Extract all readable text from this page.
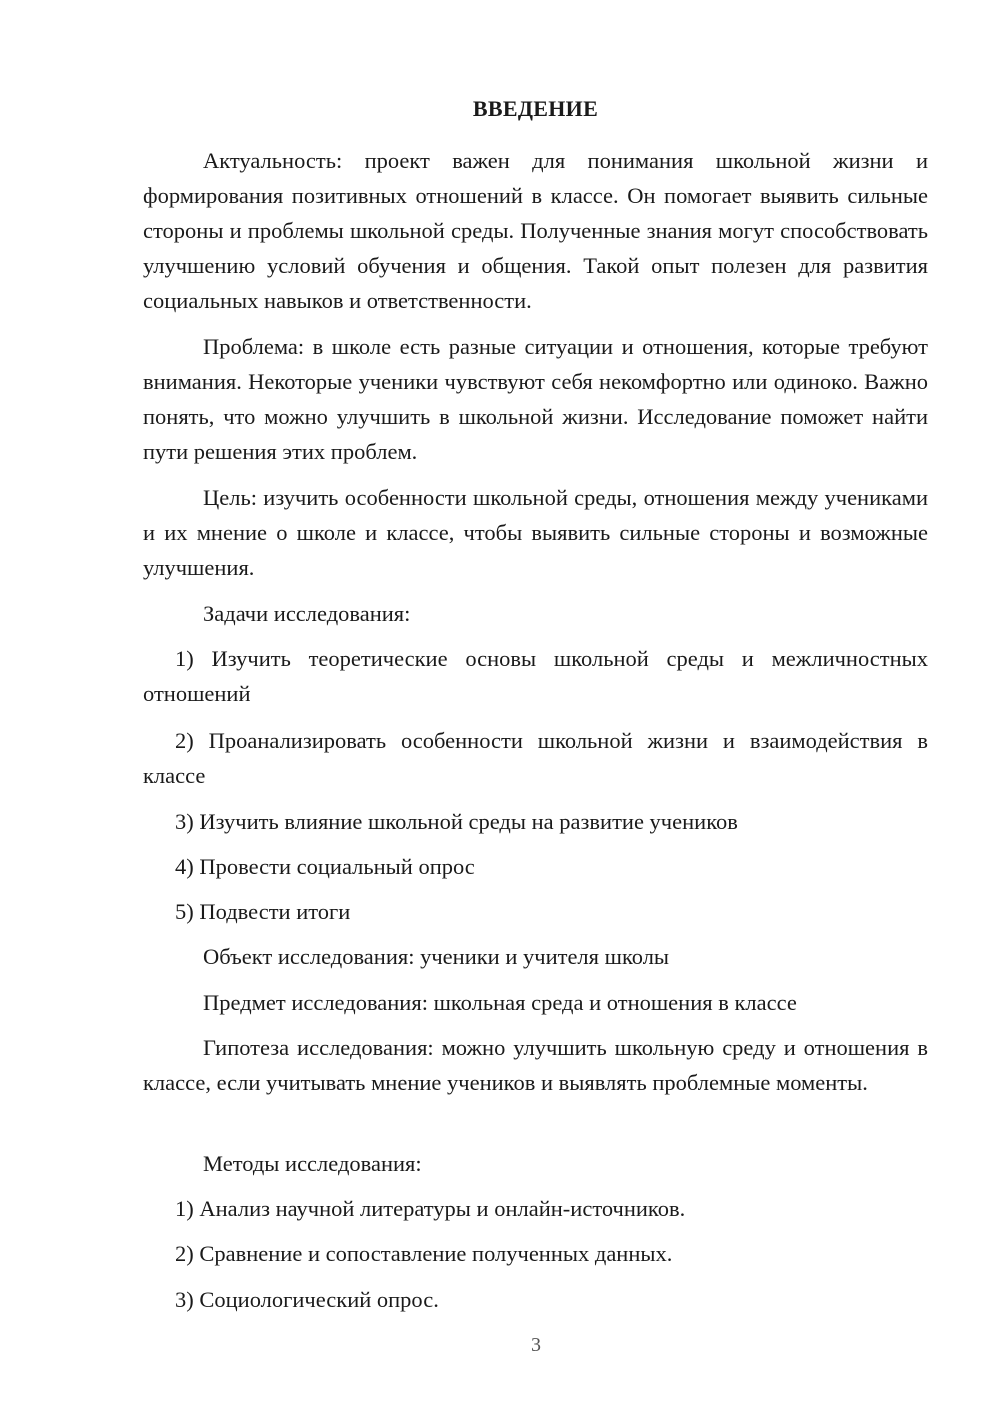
ВВЕДЕНИЕ

Актуальность: проект важен для понимания школьной жизни и формирования позитивных отношений в классе. Он помогает выявить сильные стороны и проблемы школьной среды. Полученные знания могут способствовать улучшению условий обучения и общения. Такой опыт полезен для развития социальных навыков и ответственности.

Проблема: в школе есть разные ситуации и отношения, которые требуют внимания. Некоторые ученики чувствуют себя некомфортно или одиноко. Важно понять, что можно улучшить в школьной жизни. Исследование поможет найти пути решения этих проблем.

Цель: изучить особенности школьной среды, отношения между учениками и их мнение о школе и классе, чтобы выявить сильные стороны и возможные улучшения.

Задачи исследования:

1) Изучить теоретические основы школьной среды и межличностных отношений

2) Проанализировать особенности школьной жизни и взаимодействия в классе

3) Изучить влияние школьной среды на развитие учеников

4) Провести социальный опрос

5) Подвести итоги

Объект исследования: ученики и учителя школы

Предмет исследования: школьная среда и отношения в классе

Гипотеза исследования: можно улучшить школьную среду и отношения в классе, если учитывать мнение учеников и выявлять проблемные моменты.

Методы исследования:

1) Анализ научной литературы и онлайн-источников.

2) Сравнение и сопоставление полученных данных.

3) Социологический опрос.

3
